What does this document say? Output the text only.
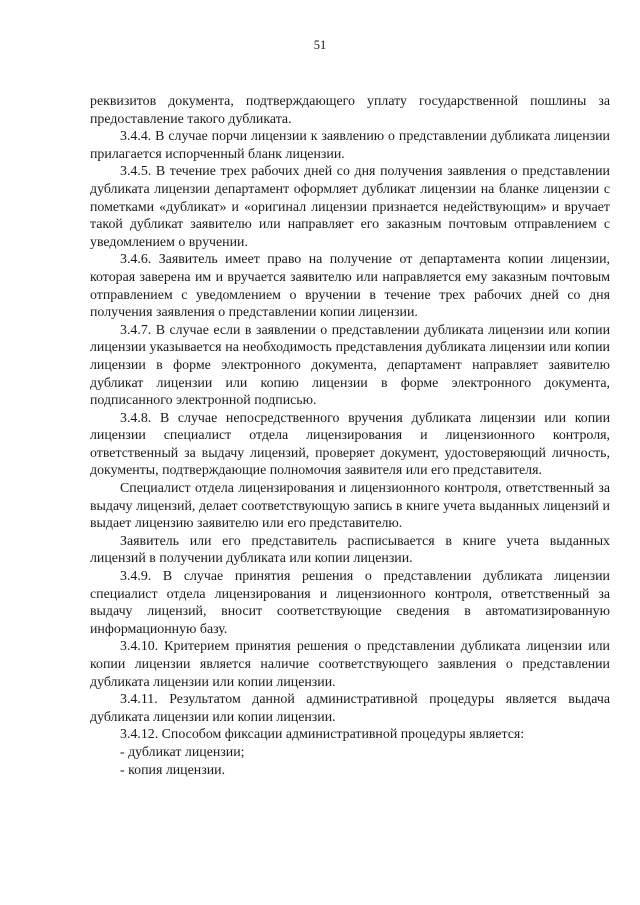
51

реквизитов документа, подтверждающего уплату государственной пошлины за предоставление такого дубликата.

3.4.4. В случае порчи лицензии к заявлению о представлении дубликата лицензии прилагается испорченный бланк лицензии.

3.4.5. В течение трех рабочих дней со дня получения заявления о представлении дубликата лицензии департамент оформляет дубликат лицензии на бланке лицензии с пометками «дубликат» и «оригинал лицензии признается недействующим» и вручает такой дубликат заявителю или направляет его заказным почтовым отправлением с уведомлением о вручении.

3.4.6. Заявитель имеет право на получение от департамента копии лицензии, которая заверена им и вручается заявителю или направляется ему заказным почтовым отправлением с уведомлением о вручении в течение трех рабочих дней со дня получения заявления о представлении копии лицензии.

3.4.7. В случае если в заявлении о представлении дубликата лицензии или копии лицензии указывается на необходимость представления дубликата лицензии или копии лицензии в форме электронного документа, департамент направляет заявителю дубликат лицензии или копию лицензии в форме электронного документа, подписанного электронной подписью.

3.4.8. В случае непосредственного вручения дубликата лицензии или копии лицензии специалист отдела лицензирования и лицензионного контроля, ответственный за выдачу лицензий, проверяет документ, удостоверяющий личность, документы, подтверждающие полномочия заявителя или его представителя.

Специалист отдела лицензирования и лицензионного контроля, ответственный за выдачу лицензий, делает соответствующую запись в книге учета выданных лицензий и выдает лицензию заявителю или его представителю.

Заявитель или его представитель расписывается в книге учета выданных лицензий в получении дубликата или копии лицензии.

3.4.9. В случае принятия решения о представлении дубликата лицензии специалист отдела лицензирования и лицензионного контроля, ответственный за выдачу лицензий, вносит соответствующие сведения в автоматизированную информационную базу.

3.4.10. Критерием принятия решения о представлении дубликата лицензии или копии лицензии является наличие соответствующего заявления о представлении дубликата лицензии или копии лицензии.

3.4.11. Результатом данной административной процедуры является выдача дубликата лицензии или копии лицензии.

3.4.12. Способом фиксации административной процедуры является:

- дубликат лицензии;

- копия лицензии.
